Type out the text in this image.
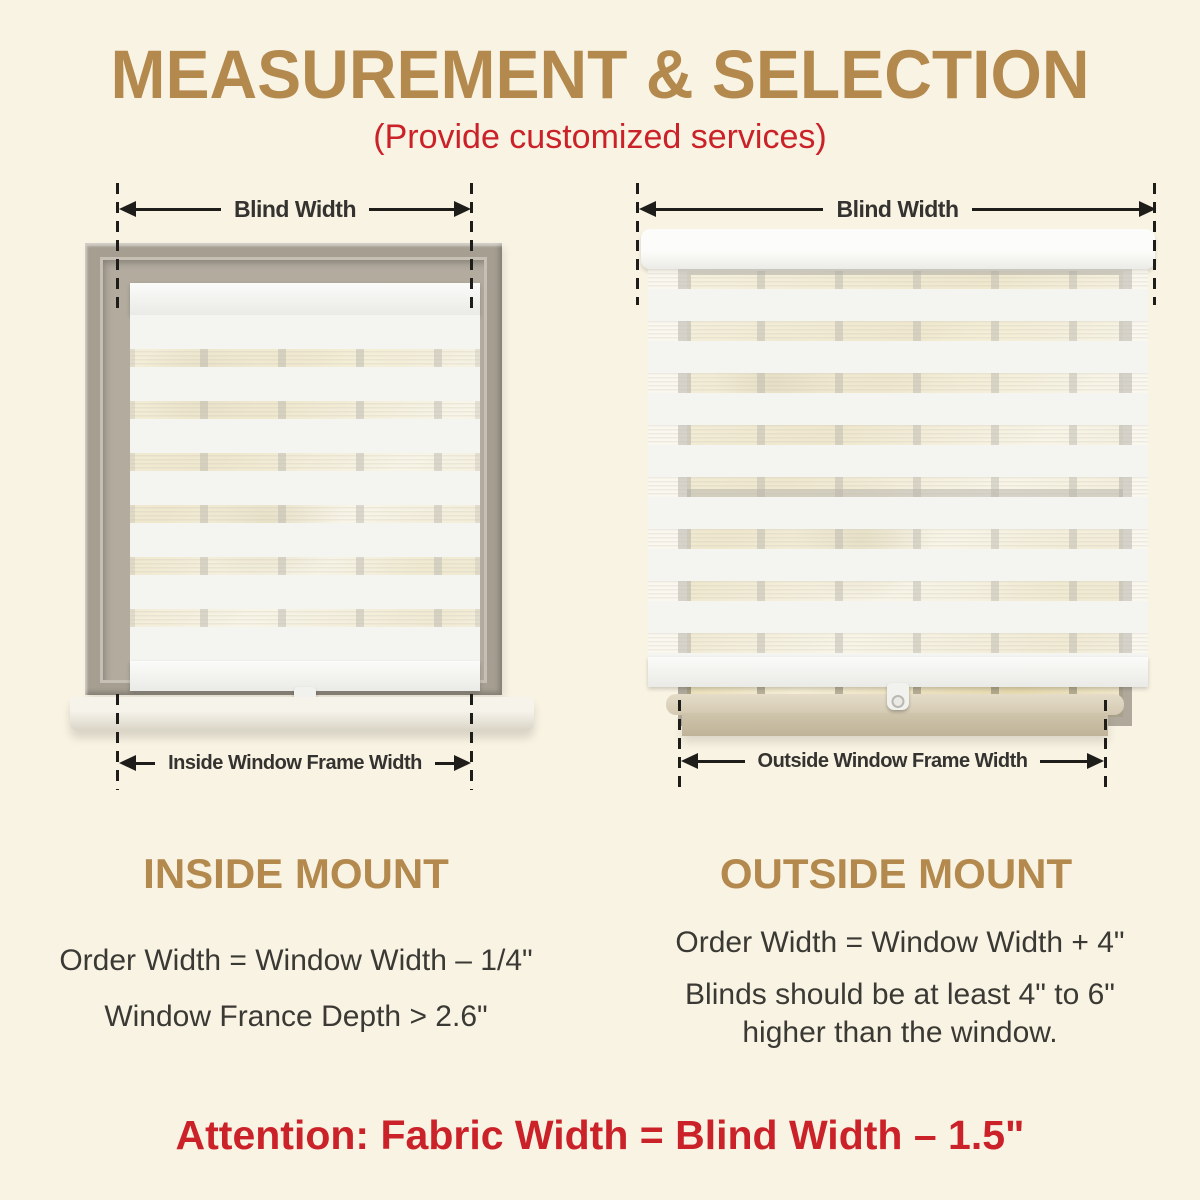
MEASUREMENT & SELECTION
(Provide customized services)
Blind Width
Inside Window Frame Width
Blind Width
Outside Window Frame Width
INSIDE MOUNT	OUTSIDE MOUNT
Order Width = Window Width – 1/4"
Window France Depth > 2.6"
Order Width = Window Width + 4"
Blinds should be at least 4" to 6" higher than the window.
Attention: Fabric Width = Blind Width – 1.5"
